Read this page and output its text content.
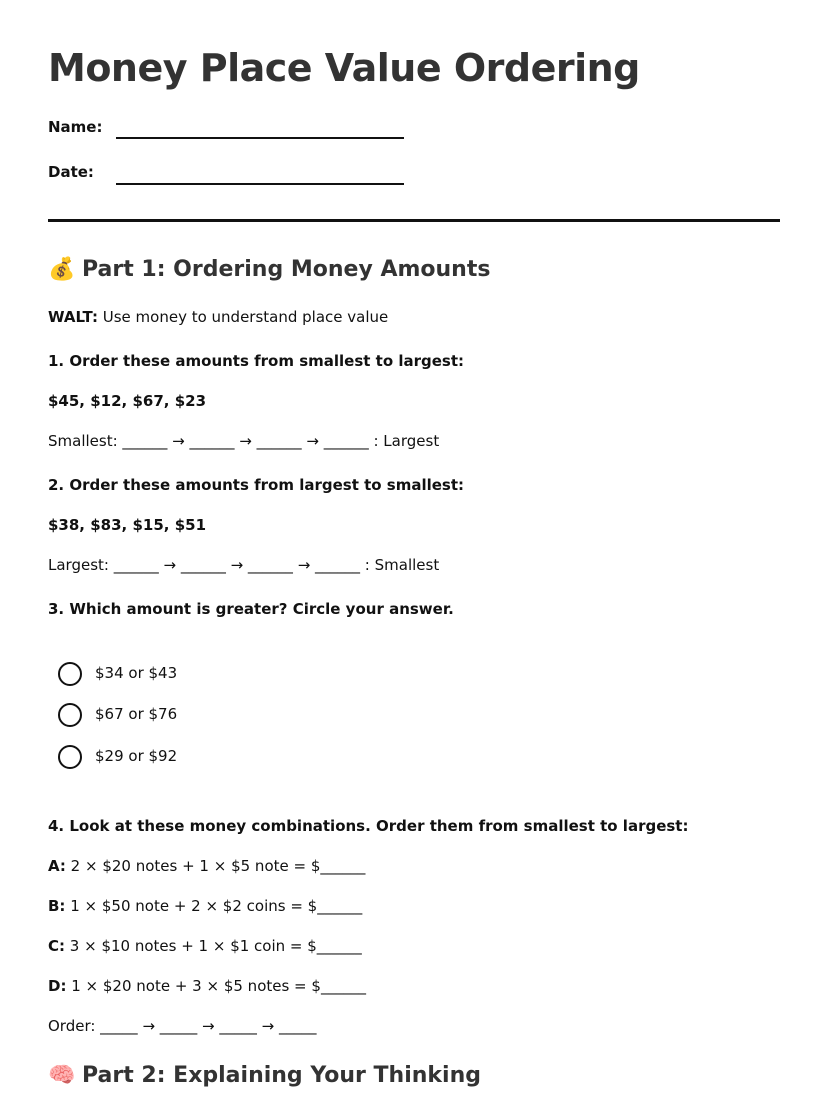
Money Place Value Ordering
Name:
Date:
💰 Part 1: Ordering Money Amounts
WALT: Use money to understand place value
1. Order these amounts from smallest to largest:
$45, $12, $67, $23
Smallest: ______ → ______ → ______ → ______ : Largest
2. Order these amounts from largest to smallest:
$38, $83, $15, $51
Largest: ______ → ______ → ______ → ______ : Smallest
3. Which amount is greater? Circle your answer.
$34 or $43
$67 or $76
$29 or $92
4. Look at these money combinations. Order them from smallest to largest:
A: 2 × $20 notes + 1 × $5 note = $______
B: 1 × $50 note + 2 × $2 coins = $______
C: 3 × $10 notes + 1 × $1 coin = $______
D: 1 × $20 note + 3 × $5 notes = $______
Order: _____ → _____ → _____ → _____
🧠 Part 2: Explaining Your Thinking
